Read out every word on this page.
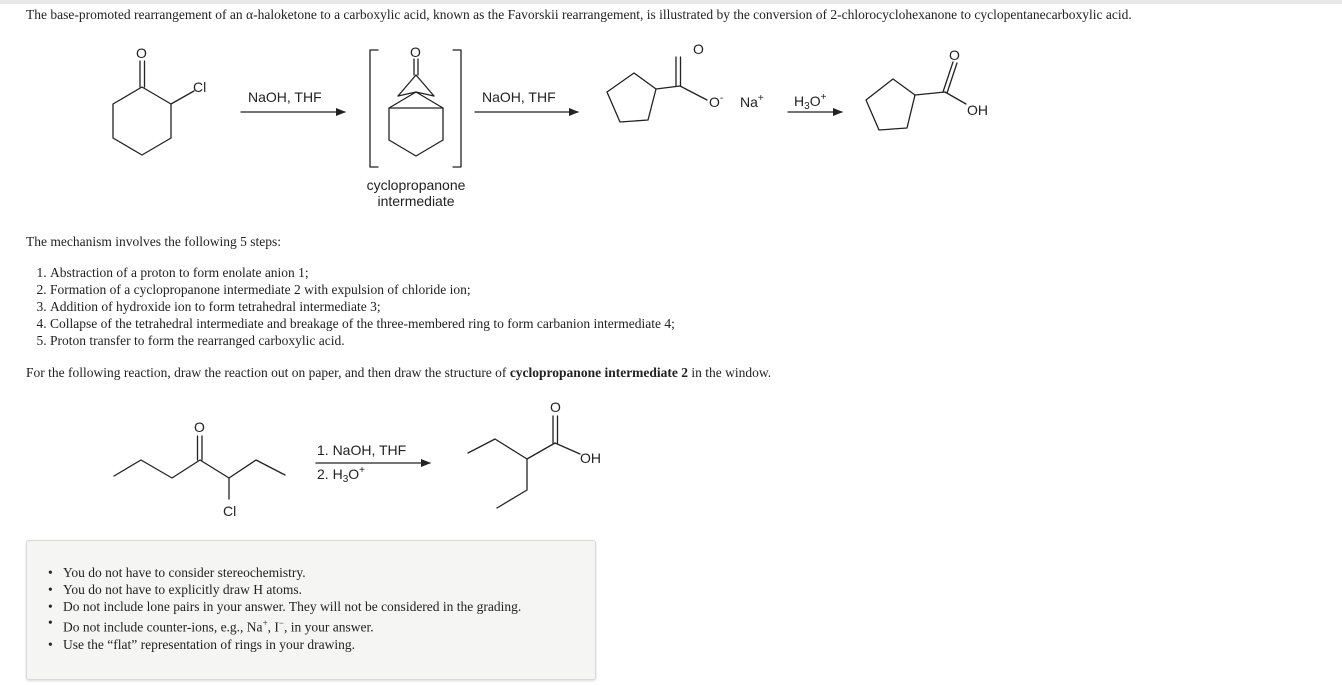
The base-promoted rearrangement of an α-haloketone to a carboxylic acid, known as the Favorskii rearrangement, is illustrated by the conversion of 2-chlorocyclohexanone to cyclopentanecarboxylic acid.
O
Cl
NaOH, THF
O
NaOH, THF
O
O- Na+ $H_3O^+$
O
OH
cyclopropanone
intermediate
O
Cl
1. NaOH, THF
2. $H_3O^+$
O
OH
The mechanism involves the following 5 steps:
1. Abstraction of a proton to form enolate anion 1;
2. Formation of a cyclopropanone intermediate 2 with expulsion of chloride ion;
3. Addition of hydroxide ion to form tetrahedral intermediate 3;
4. Collapse of the tetrahedral intermediate and breakage of the three-membered ring to form carbanion intermediate 4;
5. Proton transfer to form the rearranged carboxylic acid.
For the following reaction, draw the reaction out on paper, and then draw the structure of cyclopropanone intermediate 2 in the window.
• You do not have to consider stereochemistry.
• You do not have to explicitly draw H atoms.
• Do not include lone pairs in your answer. They will not be considered in the grading.
• Do not include counter-ions, e.g., Na+, I−, in your answer.
• Use the “flat” representation of rings in your drawing.
